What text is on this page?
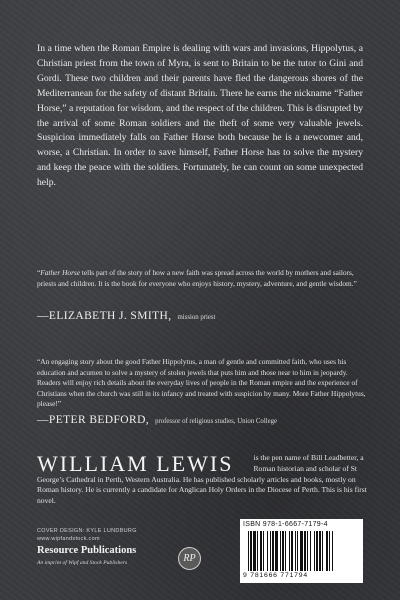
In a time when the Roman Empire is dealing with wars and invasions, Hippolytus, a Christian priest from the town of Myra, is sent to Britain to be the tutor to Gini and Gordi. These two children and their parents have fled the dangerous shores of the Mediterranean for the safety of distant Britain. There he earns the nickname “Father Horse,” a reputation for wisdom, and the respect of the children. This is disrupted by the arrival of some Roman soldiers and the theft of some very valuable jewels. Suspicion immediately falls on Father Horse both because he is a newcomer and, worse, a Christian. In order to save himself, Father Horse has to solve the mystery and keep the peace with the soldiers. Fortunately, he can count on some unexpected help.

“Father Horse tells part of the story of how a new faith was spread across the world by mothers and sailors, priests and children. It is the book for everyone who enjoys history, mystery, adventure, and gentle wisdom.”

—ELIZABETH J. SMITH, mission priest

“An engaging story about the good Father Hippolytus, a man of gentle and committed faith, who uses his education and acumen to solve a mystery of stolen jewels that puts him and those near to him in jeopardy. Readers will enjoy rich details about the everyday lives of people in the Roman empire and the experience of Christians when the church was still in its infancy and treated with suspicion by many. More Father Hippolytus, please!”

—PETER BEDFORD, professor of religious studies, Union College

WILLIAM LEWIS	is the pen name of Bill Leadbetter, a Roman historian and scholar of St George’s Cathedral in Perth, Western Australia. He has published scholarly articles and books, mostly on Roman history. He is currently a candidate for Anglican Holy Orders in the Diocese of Perth. This is his first novel.

COVER DESIGN: KYLE LUNDBURG
www.wipfandstock.com
Resource Publications
An imprint of Wipf and Stock Publishers	RP
ISBN 978-1-6667-7179-4
9 781666 771794
